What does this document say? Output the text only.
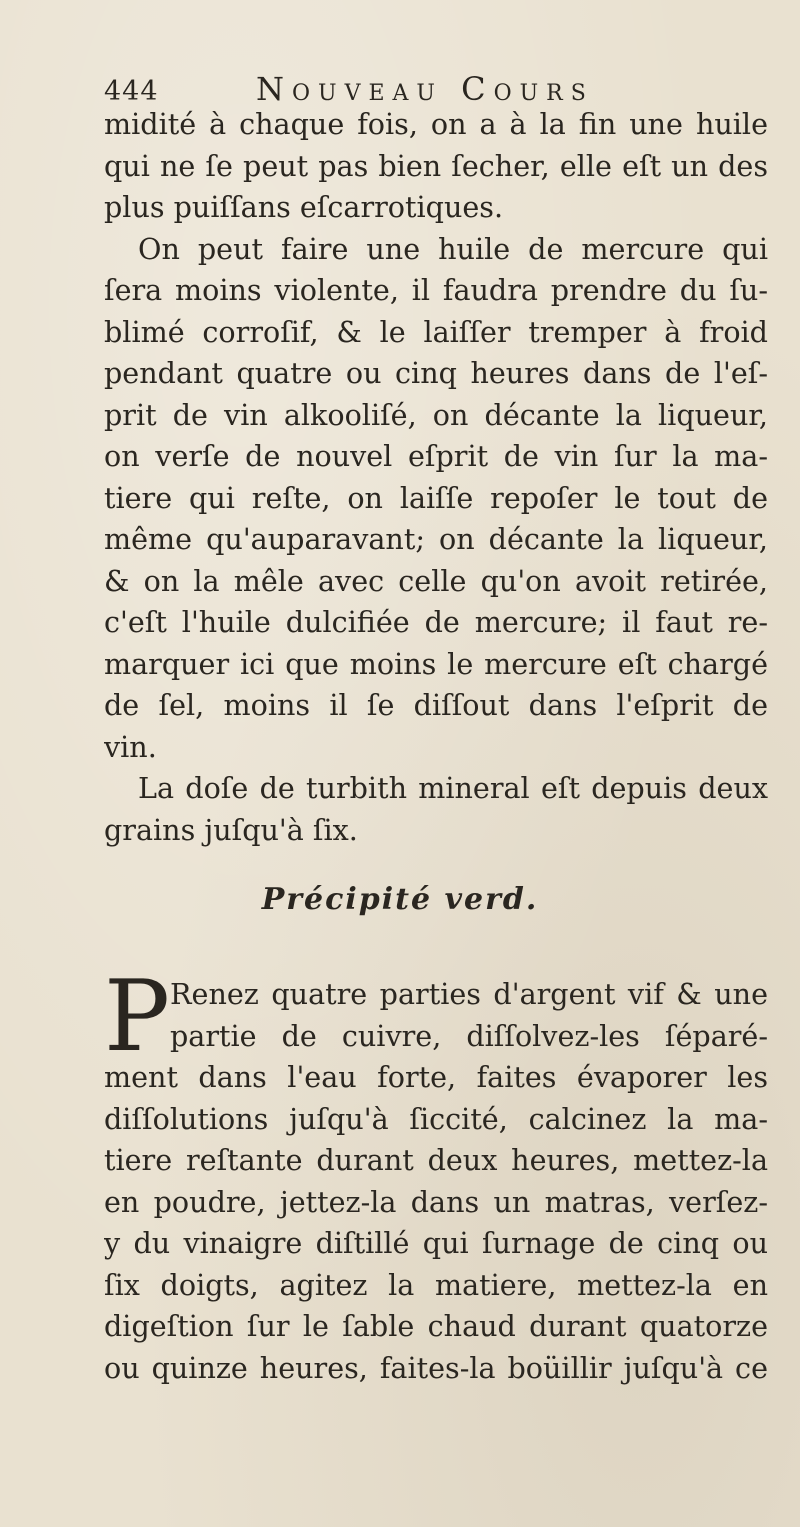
444	Nouveau Cours
midité à chaque fois, on a à la fin une huile
qui ne ſe peut pas bien ſecher, elle eſt un des
plus puiſſans eſcarrotiques.
On peut faire une huile de mercure qui
ſera moins violente, il faudra prendre du ſu-
blimé corroſif, & le laiſſer tremper à froid
pendant quatre ou cinq heures dans de l'eſ-
prit de vin alkooliſé, on décante la liqueur,
on verſe de nouvel eſprit de vin ſur la ma-
tiere qui reſte, on laiſſe repoſer le tout de
même qu'auparavant; on décante la liqueur,
& on la mêle avec celle qu'on avoit retirée,
c'eſt l'huile dulcifiée de mercure; il faut re-
marquer ici que moins le mercure eſt chargé
de ſel, moins il ſe diſſout dans l'eſprit de
vin.
La doſe de turbith mineral eſt depuis deux
grains juſqu'à ſix.
Précipité verd.
P Renez quatre parties d'argent vif & une
partie de cuivre, diſſolvez-les ſéparé-
ment dans l'eau forte, faites évaporer les
diſſolutions juſqu'à ſiccité, calcinez la ma-
tiere reſtante durant deux heures, mettez-la
en poudre, jettez-la dans un matras, verſez-
y du vinaigre diſtillé qui ſurnage de cinq ou
ſix doigts, agitez la matiere, mettez-la en
digeſtion ſur le ſable chaud durant quatorze
ou quinze heures, faites-la boüillir juſqu'à ce
